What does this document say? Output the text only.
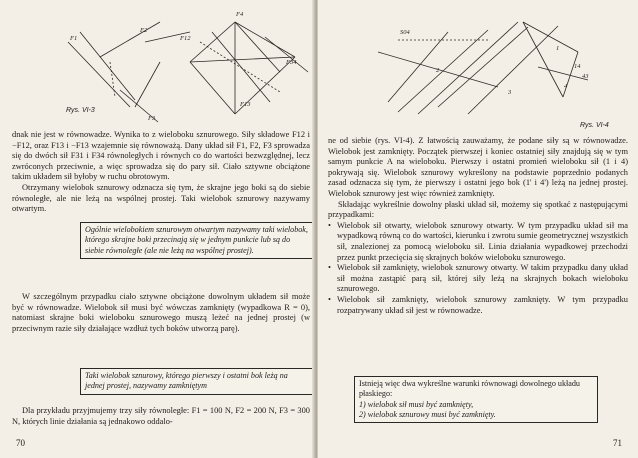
F1
F2
F3
F4
F12
F34
F13
Rys. VI-3

dnak nie jest w równowadze. Wynika to z wieloboku sznurowego. Siły składowe F12 i −F12, oraz F13 i −F13 wzajemnie się równoważą. Dany układ sił F1, F2, F3 sprowadza się do dwóch sił F31 i F34 równoległych i równych co do wartości bezwzględnej, lecz zwróconych przeciwnie, a więc sprowadza się do pary sił. Ciało sztywne obciążone takim układem sił byłoby w ruchu obrotowym.

Otrzymany wielobok sznurowy odznacza się tym, że skrajne jego boki są do siebie równoległe, ale nie leżą na wspólnej prostej. Taki wielobok sznurowy nazywamy otwartym.

Ogólnie wielobokiem sznurowym otwartym nazywamy taki wielobok, którego skrajne boki przecinają się w jednym punkcie lub są do siebie równoległe (ale nie leżą na wspólnej prostej).

W szczególnym przypadku ciało sztywne obciążone dowolnym układem sił może być w równowadze. Wielobok sił musi być wówczas zamknięty (wypadkowa R = 0), natomiast skrajne boki wieloboku sznurowego muszą leżeć na jednej prostej (w przeciwnym razie siły działające wzdłuż tych boków utworzą parę).

Taki wielobok sznurowy, którego pierwszy i ostatni bok leżą na jednej prostej, nazywamy zamkniętym

Dla przykładu przyjmujemy trzy siły równoległe: F1 = 100 N, F2 = 200 N, F3 = 300 N, których linie działania są jednakowo oddalo-

70
S04
1
2
3
4
14
43
Rys. VI-4

ne od siebie (rys. VI-4). Z łatwością zauważamy, że podane siły są w równowadze. Wielobok jest zamknięty. Początek pierwszej i koniec ostatniej siły znajdują się w tym samym punkcie A na wieloboku. Pierwszy i ostatni promień wieloboku sił (1 i 4) pokrywają się. Wielobok sznurowy wykreślony na podstawie poprzednio podanych zasad odznacza się tym, że pierwszy i ostatni jego bok (1' i 4') leżą na jednej prostej. Wielobok sznurowy jest więc również zamknięty.

Składając wykreślnie dowolny płaski układ sił, możemy się spotkać z następującymi przypadkami:

• Wielobok sił otwarty, wielobok sznurowy otwarty. W tym przypadku układ sił ma wypadkową równą co do wartości, kierunku i zwrotu sumie geometrycznej wszystkich sił, znalezionej za pomocą wieloboku sił. Linia działania wypadkowej przechodzi przez punkt przecięcia się skrajnych boków wieloboku sznurowego.
• Wielobok sił zamknięty, wielobok sznurowy otwarty. W takim przypadku dany układ sił można zastąpić parą sił, której siły leżą na skrajnych bokach wieloboku sznurowego.
• Wielobok sił zamknięty, wielobok sznurowy zamknięty. W tym przypadku rozpatrywany układ sił jest w równowadze.
Istnieją więc dwa wykreślne warunki równowagi dowolnego układu płaskiego:
1) wielobok sił musi być zamknięty,
2) wielobok sznurowy musi być zamknięty.
71
